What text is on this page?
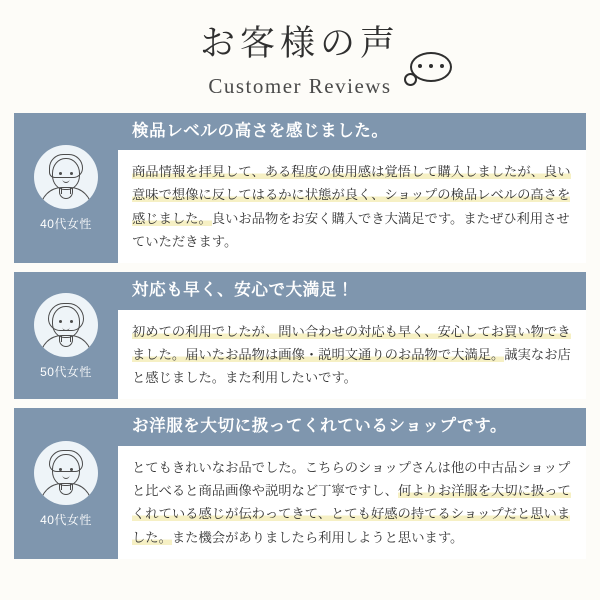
お客様の声
Customer Reviews
40代女性
検品レベルの高さを感じました。
商品情報を拝見して、ある程度の使用感は覚悟して購入しましたが、良い意味で想像に反してはるかに状態が良く、ショップの検品レベルの高さを感じました。良いお品物をお安く購入でき大満足です。またぜひ利用させていただきます。
50代女性
対応も早く、安心で大満足！
初めての利用でしたが、問い合わせの対応も早く、安心してお買い物できました。届いたお品物は画像・説明文通りのお品物で大満足。誠実なお店と感じました。また利用したいです。
40代女性
お洋服を大切に扱ってくれているショップです。
とてもきれいなお品でした。こちらのショップさんは他の中古品ショップと比べると商品画像や説明など丁寧ですし、何よりお洋服を大切に扱ってくれている感じが伝わってきて、とても好感の持てるショップだと思いました。また機会がありましたら利用しようと思います。
